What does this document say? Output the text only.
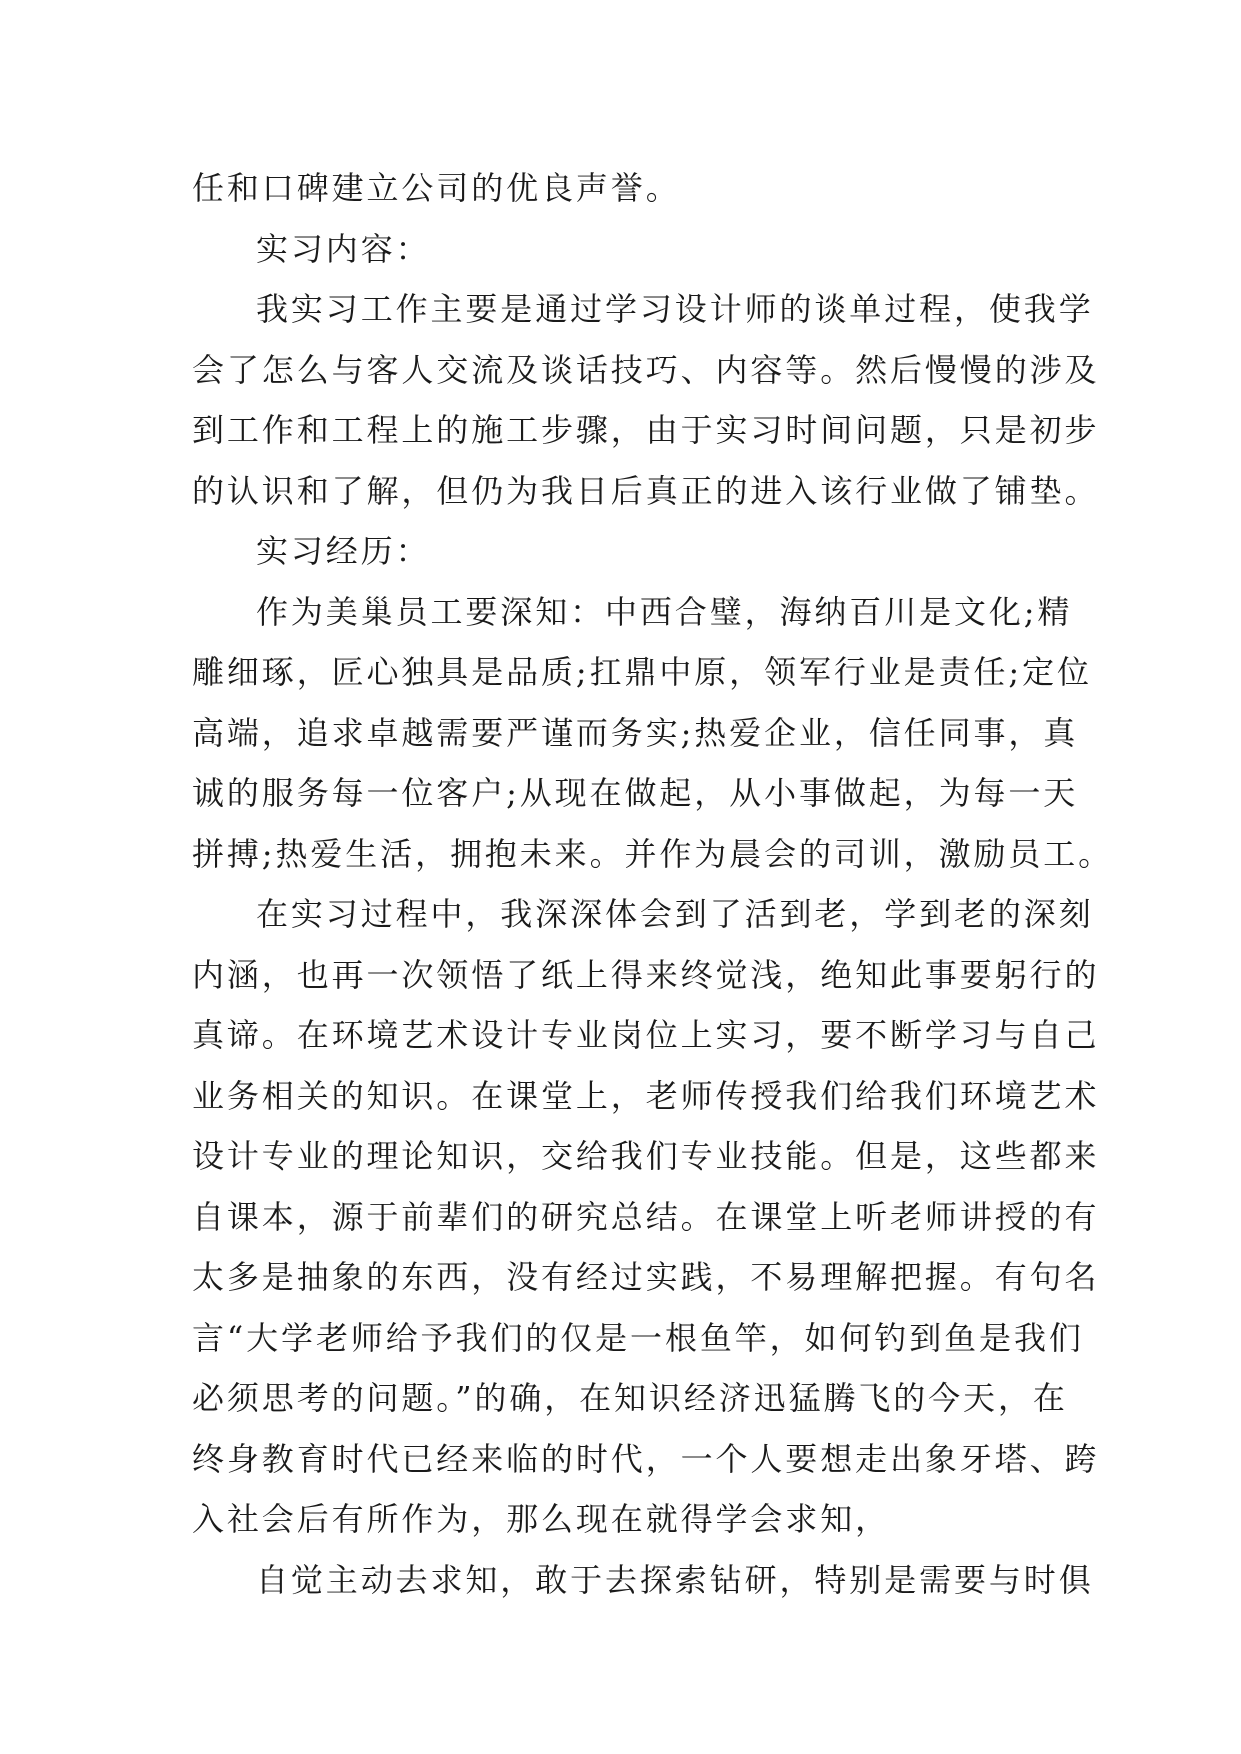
任和口碑建立公司的优良声誉。
实习内容：
我实习工作主要是通过学习设计师的谈单过程，使我学
会了怎么与客人交流及谈话技巧、内容等。然后慢慢的涉及
到工作和工程上的施工步骤，由于实习时间问题，只是初步
的认识和了解，但仍为我日后真正的进入该行业做了铺垫。
实习经历：
作为美巢员工要深知：中西合璧，海纳百川是文化;精
雕细琢，匠心独具是品质;扛鼎中原，领军行业是责任;定位
高端，追求卓越需要严谨而务实;热爱企业，信任同事，真
诚的服务每一位客户;从现在做起，从小事做起，为每一天
拼搏;热爱生活，拥抱未来。并作为晨会的司训，激励员工。
在实习过程中，我深深体会到了活到老，学到老的深刻
内涵，也再一次领悟了纸上得来终觉浅，绝知此事要躬行的
真谛。在环境艺术设计专业岗位上实习，要不断学习与自己
业务相关的知识。在课堂上，老师传授我们给我们环境艺术
设计专业的理论知识，交给我们专业技能。但是，这些都来
自课本，源于前辈们的研究总结。在课堂上听老师讲授的有
太多是抽象的东西，没有经过实践，不易理解把握。有句名
言“大学老师给予我们的仅是一根鱼竿，如何钓到鱼是我们
必须思考的问题。”的确，在知识经济迅猛腾飞的今天，在
终身教育时代已经来临的时代，一个人要想走出象牙塔、跨
入社会后有所作为，那么现在就得学会求知，
自觉主动去求知，敢于去探索钻研，特别是需要与时俱
